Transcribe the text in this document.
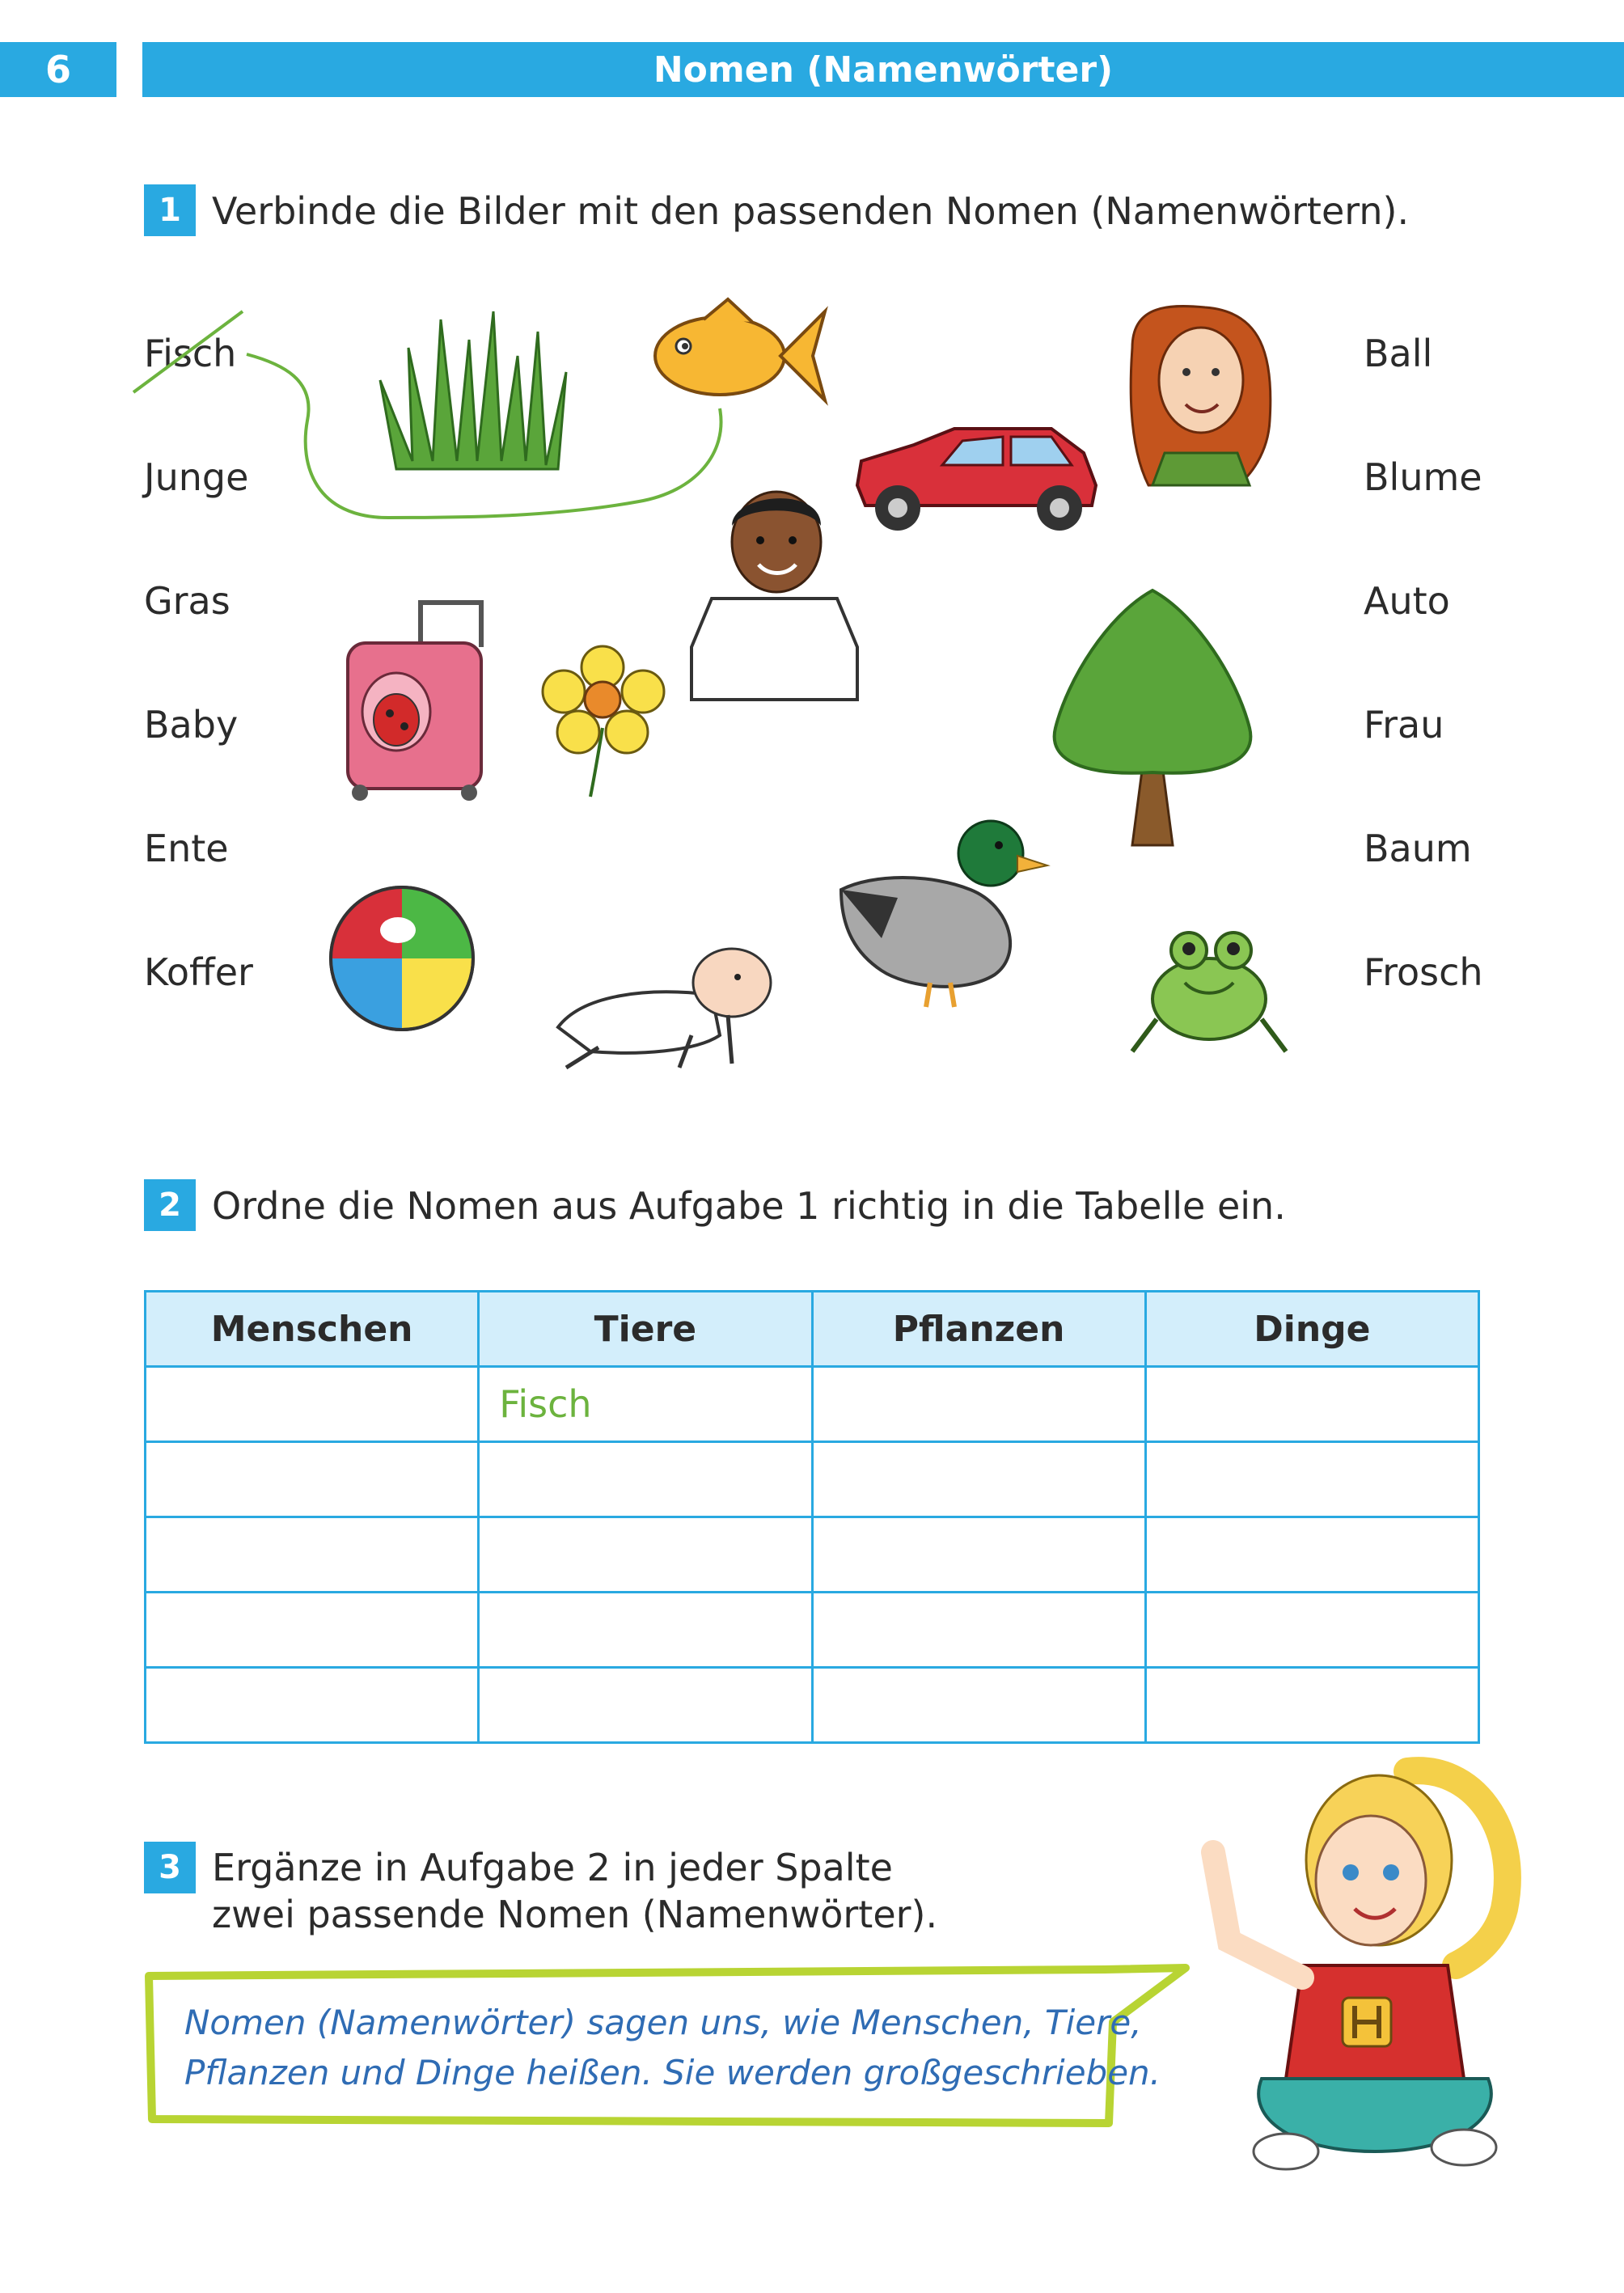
6	Nomen (Namenwörter)
1 Verbinde die Bilder mit den passenden Nomen (Namenwörtern).
Fisch
Junge
Gras
Baby
Ente
Koffer
Ball
Blume
Auto
Frau
Baum
Frosch
2 Ordne die Nomen aus Aufgabe 1 richtig in die Tabelle ein.
Menschen	Tiere	Pflanzen	Dinge
	Fisch		

3 Ergänze in Aufgabe 2 in jeder Spalte
zwei passende Nomen (Namenwörter).
Nomen (Namenwörter) sagen uns, wie Menschen, Tiere,
Pflanzen und Dinge heißen. Sie werden großgeschrieben.
